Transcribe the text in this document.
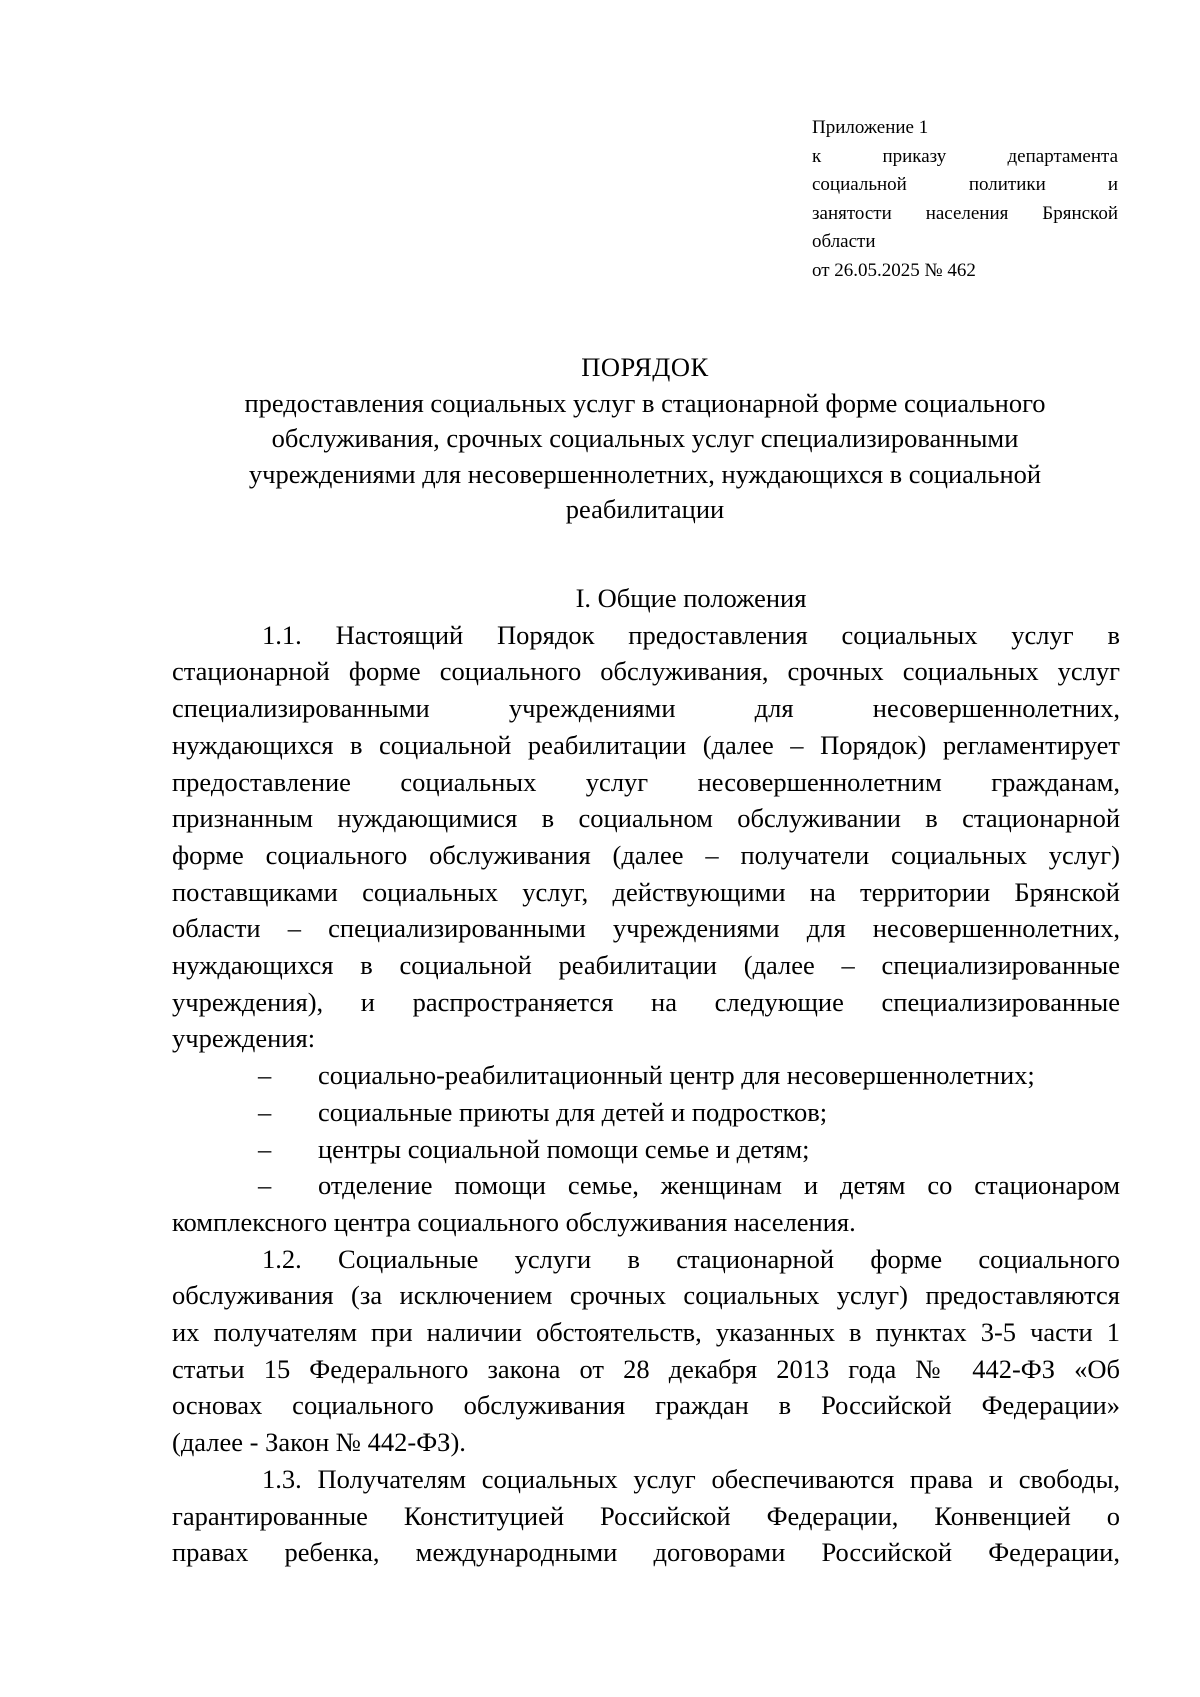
Приложение 1
к приказу департамента
социальной политики и
занятости населения Брянской
области
от 26.05.2025 № 462
ПОРЯДОК
предоставления социальных услуг в стационарной форме социального
обслуживания, срочных социальных услуг специализированными
учреждениями для несовершеннолетних, нуждающихся в социальной
реабилитации
I. Общие положения
1.1. Настоящий Порядок предоставления социальных услуг в
стационарной форме социального обслуживания, срочных социальных услуг
специализированными учреждениями для несовершеннолетних,
нуждающихся в социальной реабилитации (далее – Порядок) регламентирует
предоставление социальных услуг несовершеннолетним гражданам,
признанным нуждающимися в социальном обслуживании в стационарной
форме социального обслуживания (далее – получатели социальных услуг)
поставщиками социальных услуг, действующими на территории Брянской
области – специализированными учреждениями для несовершеннолетних,
нуждающихся в социальной реабилитации (далее – специализированные
учреждения), и распространяется на следующие специализированные
учреждения:
–	социально-реабилитационный центр для несовершеннолетних;
–	социальные приюты для детей и подростков;
–	центры социальной помощи семье и детям;
–	отделение помощи семье, женщинам и детям со стационаром
комплексного центра социального обслуживания населения.
1.2. Социальные услуги в стационарной форме социального
обслуживания (за исключением срочных социальных услуг) предоставляются
их получателям при наличии обстоятельств, указанных в пунктах 3-5 части 1
статьи 15 Федерального закона от 28 декабря 2013 года № 442-ФЗ «Об
основах социального обслуживания граждан в Российской Федерации»
(далее - Закон № 442-ФЗ).
1.3. Получателям социальных услуг обеспечиваются права и свободы,
гарантированные Конституцией Российской Федерации, Конвенцией о
правах ребенка, международными договорами Российской Федерации,
